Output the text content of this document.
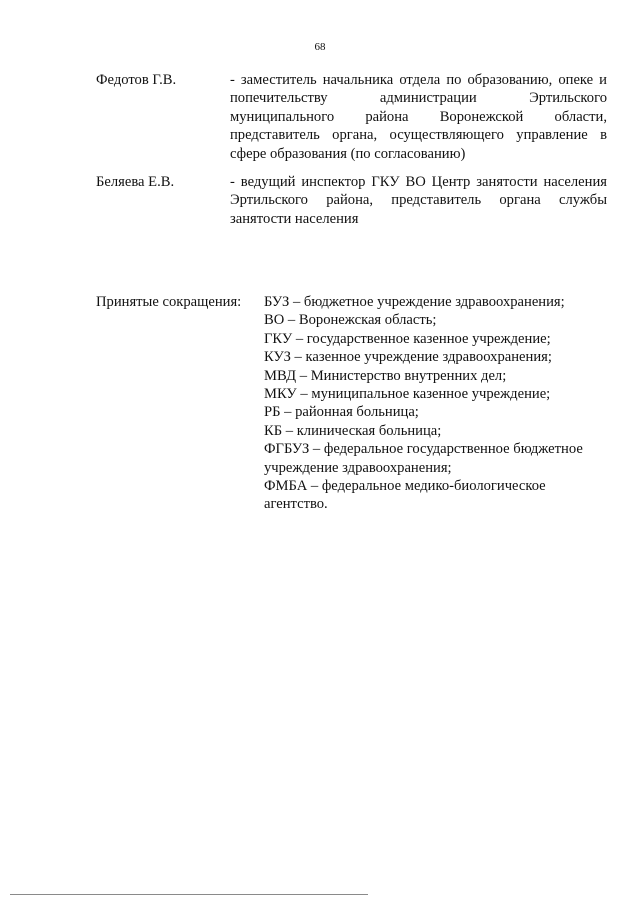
68
Федотов Г.В.	- заместитель начальника отдела по образованию, опеке и попечительству администрации Эртильского муниципального района Воронежской области, представитель органа, осуществляющего управление в сфере образования (по согласованию)
Беляева Е.В.	- ведущий инспектор ГКУ ВО Центр занятости населения Эртильского района, представитель органа службы занятости населения
Принятые сокращения: БУЗ – бюджетное учреждение здравоохранения;
ВО – Воронежская область;
ГКУ – государственное казенное учреждение;
КУЗ – казенное учреждение здравоохранения;
МВД – Министерство внутренних дел;
МКУ – муниципальное казенное учреждение;
РБ – районная больница;
КБ – клиническая больница;
ФГБУЗ – федеральное государственное бюджетное учреждение здравоохранения;
ФМБА – федеральное медико-биологическое агентство.
